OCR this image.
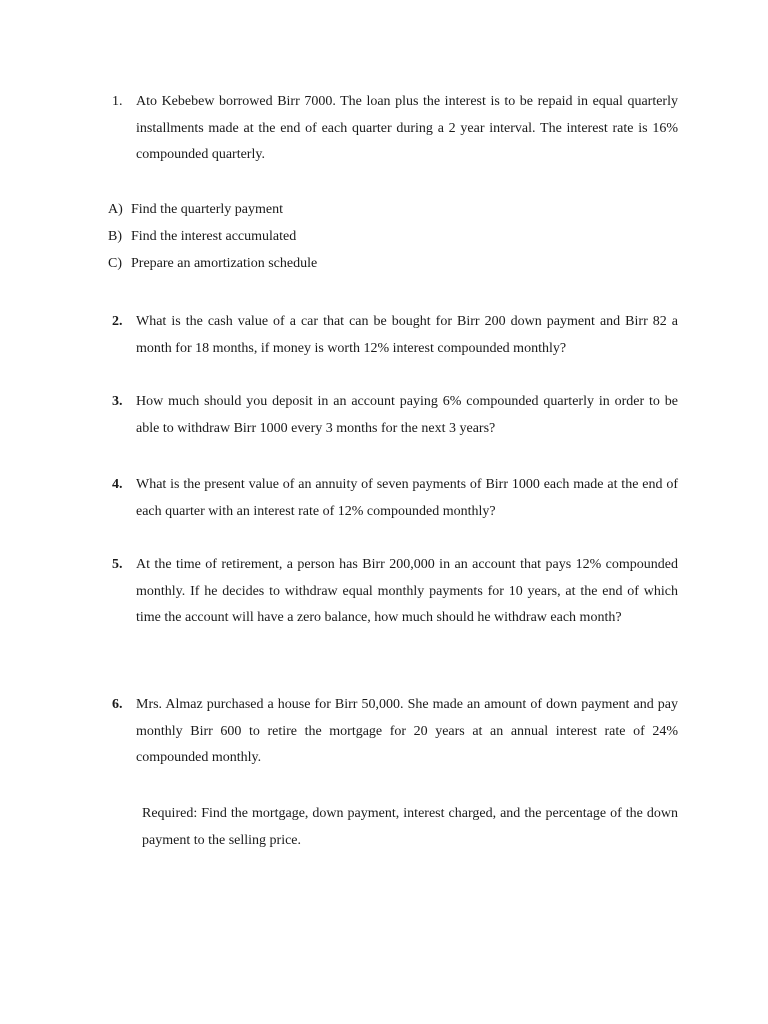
1. Ato Kebebew borrowed Birr 7000. The loan plus the interest is to be repaid in equal quarterly installments made at the end of each quarter during a 2 year interval. The interest rate is 16% compounded quarterly.
A) Find the quarterly payment
B) Find the interest accumulated
C) Prepare an amortization schedule
2. What is the cash value of a car that can be bought for Birr 200 down payment and Birr 82 a month for 18 months, if money is worth 12% interest compounded monthly?
3. How much should you deposit in an account paying 6% compounded quarterly in order to be able to withdraw Birr 1000 every 3 months for the next 3 years?
4. What is the present value of an annuity of seven payments of Birr 1000 each made at the end of each quarter with an interest rate of 12% compounded monthly?
5. At the time of retirement, a person has Birr 200,000 in an account that pays 12% compounded monthly. If he decides to withdraw equal monthly payments for 10 years, at the end of which time the account will have a zero balance, how much should he withdraw each month?
6. Mrs. Almaz purchased a house for Birr 50,000. She made an amount of down payment and pay monthly Birr 600 to retire the mortgage for 20 years at an annual interest rate of 24% compounded monthly.
Required: Find the mortgage, down payment, interest charged, and the percentage of the down payment to the selling price.
